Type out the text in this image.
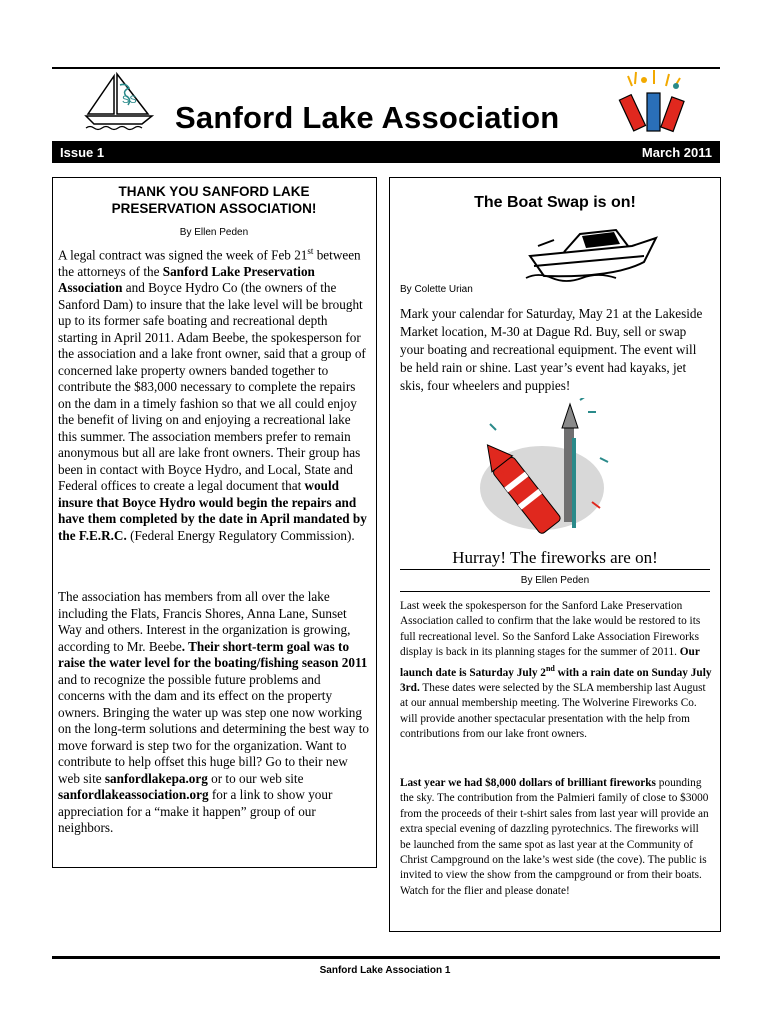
SS Sanford Lake Association
Issue 1	March 2011
THANK YOU SANFORD LAKE
PRESERVATION ASSOCIATION!
By Ellen Peden
A legal contract was signed the week of Feb 21st between the attorneys of the Sanford Lake Preservation Association and Boyce Hydro Co (the owners of the Sanford Dam) to insure that the lake level will be brought up to its former safe boating and recreational depth starting in April 2011. Adam Beebe, the spokesperson for the association and a lake front owner, said that a group of concerned lake property owners banded together to contribute the $83,000 necessary to complete the repairs on the dam in a timely fashion so that we all could enjoy the benefit of living on and enjoying a recreational lake this summer. The association members prefer to remain anonymous but all are lake front owners. Their group has been in contact with Boyce Hydro, and Local, State and Federal offices to create a legal document that would insure that Boyce Hydro would begin the repairs and have them completed by the date in April mandated by the F.E.R.C. (Federal Energy Regulatory Commission).
The association has members from all over the lake including the Flats, Francis Shores, Anna Lane, Sunset Way and others. Interest in the organization is growing, according to Mr. Beebe. Their short-term goal was to raise the water level for the boating/fishing season 2011 and to recognize the possible future problems and concerns with the dam and its effect on the property owners. Bringing the water up was step one now working on the long-term solutions and determining the best way to move forward is step two for the organization. Want to contribute to help offset this huge bill? Go to their new web site sanfordlakepa.org or to our web site sanfordlakeassociation.org for a link to show your appreciation for a “make it happen” group of our neighbors.
The Boat Swap is on!
By Colette Urian
Mark your calendar for Saturday, May 21 at the Lakeside Market location, M-30 at Dague Rd. Buy, sell or swap your boating and recreational equipment. The event will be held rain or shine. Last year’s event had kayaks, jet skis, four wheelers and puppies!
Hurray! The fireworks are on!
By Ellen Peden
Last week the spokesperson for the Sanford Lake Preservation Association called to confirm that the lake would be restored to its full recreational level. So the Sanford Lake Association Fireworks display is back in its planning stages for the summer of 2011. Our launch date is Saturday July 2nd with a rain date on Sunday July 3rd. These dates were selected by the SLA membership last August at our annual membership meeting. The Wolverine Fireworks Co. will provide another spectacular presentation with the help from contributions from our lake front owners.
Last year we had $8,000 dollars of brilliant fireworks pounding the sky. The contribution from the Palmieri family of close to $3000 from the proceeds of their t-shirt sales from last year will provide an extra special evening of dazzling pyrotechnics. The fireworks will be launched from the same spot as last year at the Community of Christ Campground on the lake’s west side (the cove). The public is invited to view the show from the campground or from their boats. Watch for the flier and please donate!
Sanford Lake Association 1
